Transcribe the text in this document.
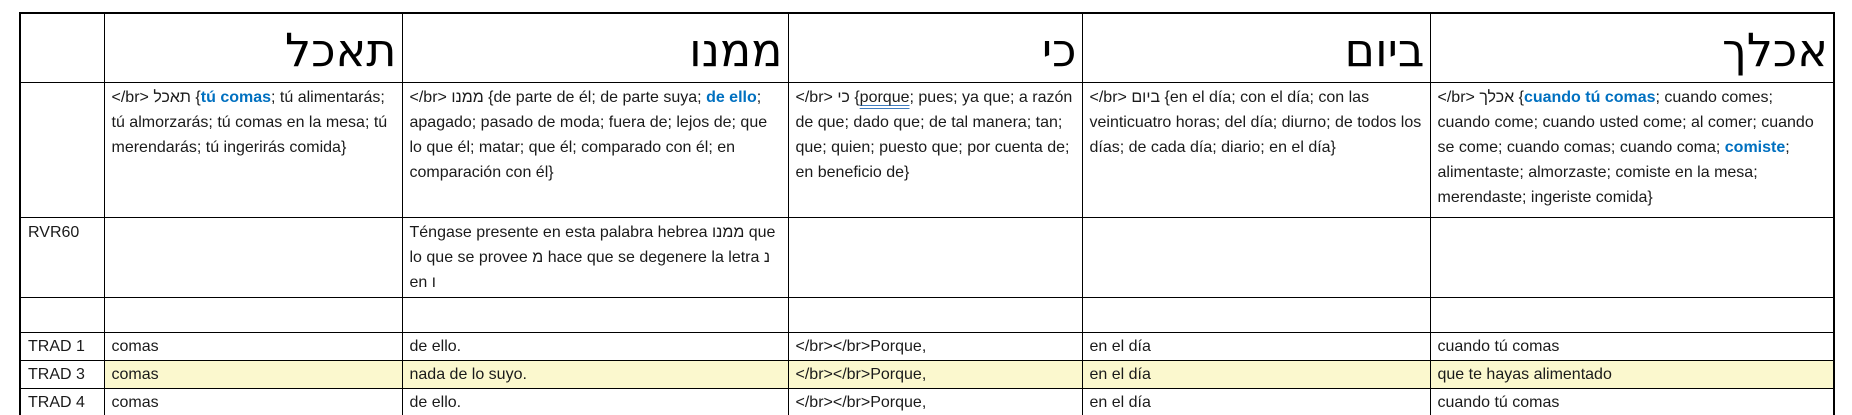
	תאכל	ממנו	כי	ביום	אכלך
	</br> תאכל {tú comas; tú alimentarás; tú almorzarás; tú comas en la mesa; tú merendarás; tú ingerirás comida}	</br> ממנו {de parte de él; de parte suya; de ello; apagado; pasado de moda; fuera de; lejos de; que lo que él; matar; que él; comparado con él; en comparación con él}	</br> כי {porque; pues; ya que; a razón de que; dado que; de tal manera; tan; que; quien; puesto que; por cuenta de; en beneficio de}	</br> ביום {en el día; con el día; con las veinticuatro horas; del día; diurno; de todos los días; de cada día; diario; en el día}	</br> אכלך {cuando tú comas; cuando comes; cuando come; cuando usted come; al comer; cuando se come; cuando comas; cuando coma; comiste; alimentaste; almorzaste; comiste en la mesa; merendaste; ingeriste comida}
RVR60		Téngase presente en esta palabra hebrea ממנו que lo que se provee מ hace que se degenere la letra נ en ו			

TRAD 1	comas	de ello.	</br></br>Porque,	en el día	cuando tú comas
TRAD 3	comas	nada de lo suyo.	</br></br>Porque,	en el día	que te hayas alimentado
TRAD 4	comas	de ello.	</br></br>Porque,	en el día	cuando tú comas
